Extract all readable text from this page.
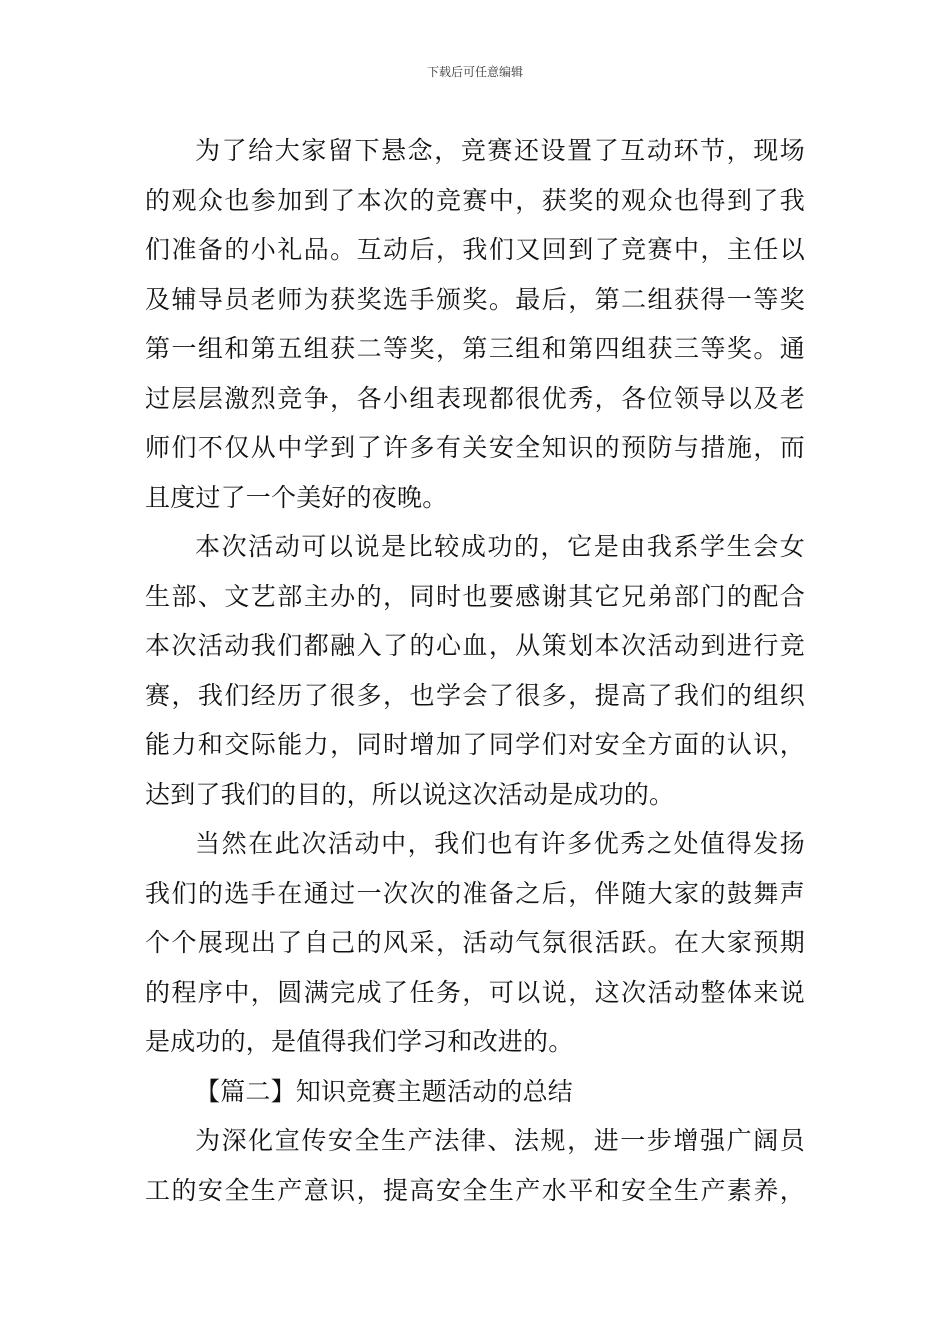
下载后可任意编辑
为了给大家留下悬念，竞赛还设置了互动环节，现场
的观众也参加到了本次的竞赛中，获奖的观众也得到了我
们准备的小礼品。互动后，我们又回到了竞赛中，主任以
及辅导员老师为获奖选手颁奖。最后，第二组获得一等奖
第一组和第五组获二等奖，第三组和第四组获三等奖。通
过层层激烈竞争，各小组表现都很优秀，各位领导以及老
师们不仅从中学到了许多有关安全知识的预防与措施，而
且度过了一个美好的夜晚。
本次活动可以说是比较成功的，它是由我系学生会女
生部、文艺部主办的，同时也要感谢其它兄弟部门的配合
本次活动我们都融入了的心血，从策划本次活动到进行竞
赛，我们经历了很多，也学会了很多，提高了我们的组织
能力和交际能力，同时增加了同学们对安全方面的认识，
达到了我们的目的，所以说这次活动是成功的。
当然在此次活动中，我们也有许多优秀之处值得发扬
我们的选手在通过一次次的准备之后，伴随大家的鼓舞声
个个展现出了自己的风采，活动气氛很活跃。在大家预期
的程序中，圆满完成了任务，可以说，这次活动整体来说
是成功的，是值得我们学习和改进的。
【篇二】知识竞赛主题活动的总结
为深化宣传安全生产法律、法规，进一步增强广阔员
工的安全生产意识，提高安全生产水平和安全生产素养，
